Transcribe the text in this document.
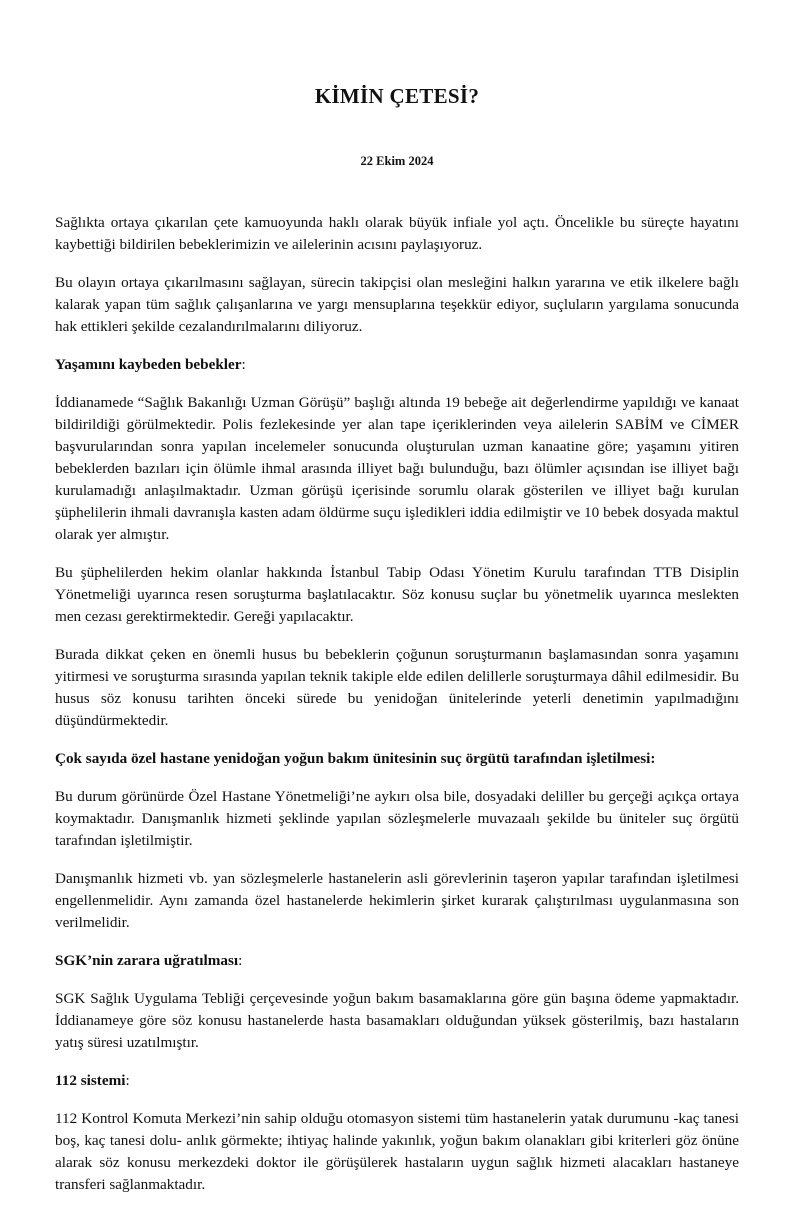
KİMİN ÇETESİ?
22 Ekim 2024

Sağlıkta ortaya çıkarılan çete kamuoyunda haklı olarak büyük infiale yol açtı. Öncelikle bu süreçte hayatını kaybettiği bildirilen bebeklerimizin ve ailelerinin acısını paylaşıyoruz.

Bu olayın ortaya çıkarılmasını sağlayan, sürecin takipçisi olan mesleğini halkın yararına ve etik ilkelere bağlı kalarak yapan tüm sağlık çalışanlarına ve yargı mensuplarına teşekkür ediyor, suçluların yargılama sonucunda hak ettikleri şekilde cezalandırılmalarını diliyoruz.

Yaşamını kaybeden bebekler:

İddianamede “Sağlık Bakanlığı Uzman Görüşü” başlığı altında 19 bebeğe ait değerlendirme yapıldığı ve kanaat bildirildiği görülmektedir. Polis fezlekesinde yer alan tape içeriklerinden veya ailelerin SABİM ve CİMER başvurularından sonra yapılan incelemeler sonucunda oluşturulan uzman kanaatine göre; yaşamını yitiren bebeklerden bazıları için ölümle ihmal arasında illiyet bağı bulunduğu, bazı ölümler açısından ise illiyet bağı kurulamadığı anlaşılmaktadır. Uzman görüşü içerisinde sorumlu olarak gösterilen ve illiyet bağı kurulan şüphelilerin ihmali davranışla kasten adam öldürme suçu işledikleri iddia edilmiştir ve 10 bebek dosyada maktul olarak yer almıştır.

Bu şüphelilerden hekim olanlar hakkında İstanbul Tabip Odası Yönetim Kurulu tarafından TTB Disiplin Yönetmeliği uyarınca resen soruşturma başlatılacaktır. Söz konusu suçlar bu yönetmelik uyarınca meslekten men cezası gerektirmektedir. Gereği yapılacaktır.

Burada dikkat çeken en önemli husus bu bebeklerin çoğunun soruşturmanın başlamasından sonra yaşamını yitirmesi ve soruşturma sırasında yapılan teknik takiple elde edilen delillerle soruşturmaya dâhil edilmesidir. Bu husus söz konusu tarihten önceki sürede bu yenidoğan ünitelerinde yeterli denetimin yapılmadığını düşündürmektedir.

Çok sayıda özel hastane yenidoğan yoğun bakım ünitesinin suç örgütü tarafından işletilmesi:

Bu durum görünürde Özel Hastane Yönetmeliği’ne aykırı olsa bile, dosyadaki deliller bu gerçeği açıkça ortaya koymaktadır. Danışmanlık hizmeti şeklinde yapılan sözleşmelerle muvazaalı şekilde bu üniteler suç örgütü tarafından işletilmiştir.

Danışmanlık hizmeti vb. yan sözleşmelerle hastanelerin asli görevlerinin taşeron yapılar tarafından işletilmesi engellenmelidir. Aynı zamanda özel hastanelerde hekimlerin şirket kurarak çalıştırılması uygulanmasına son verilmelidir.

SGK’nin zarara uğratılması:

SGK Sağlık Uygulama Tebliği çerçevesinde yoğun bakım basamaklarına göre gün başına ödeme yapmaktadır. İddianameye göre söz konusu hastanelerde hasta basamakları olduğundan yüksek gösterilmiş, bazı hastaların yatış süresi uzatılmıştır.

112 sistemi:

112 Kontrol Komuta Merkezi’nin sahip olduğu otomasyon sistemi tüm hastanelerin yatak durumunu -kaç tanesi boş, kaç tanesi dolu- anlık görmekte; ihtiyaç halinde yakınlık, yoğun bakım olanakları gibi kriterleri göz önüne alarak söz konusu merkezdeki doktor ile görüşülerek hastaların uygun sağlık hizmeti alacakları hastaneye transferi sağlanmaktadır.
